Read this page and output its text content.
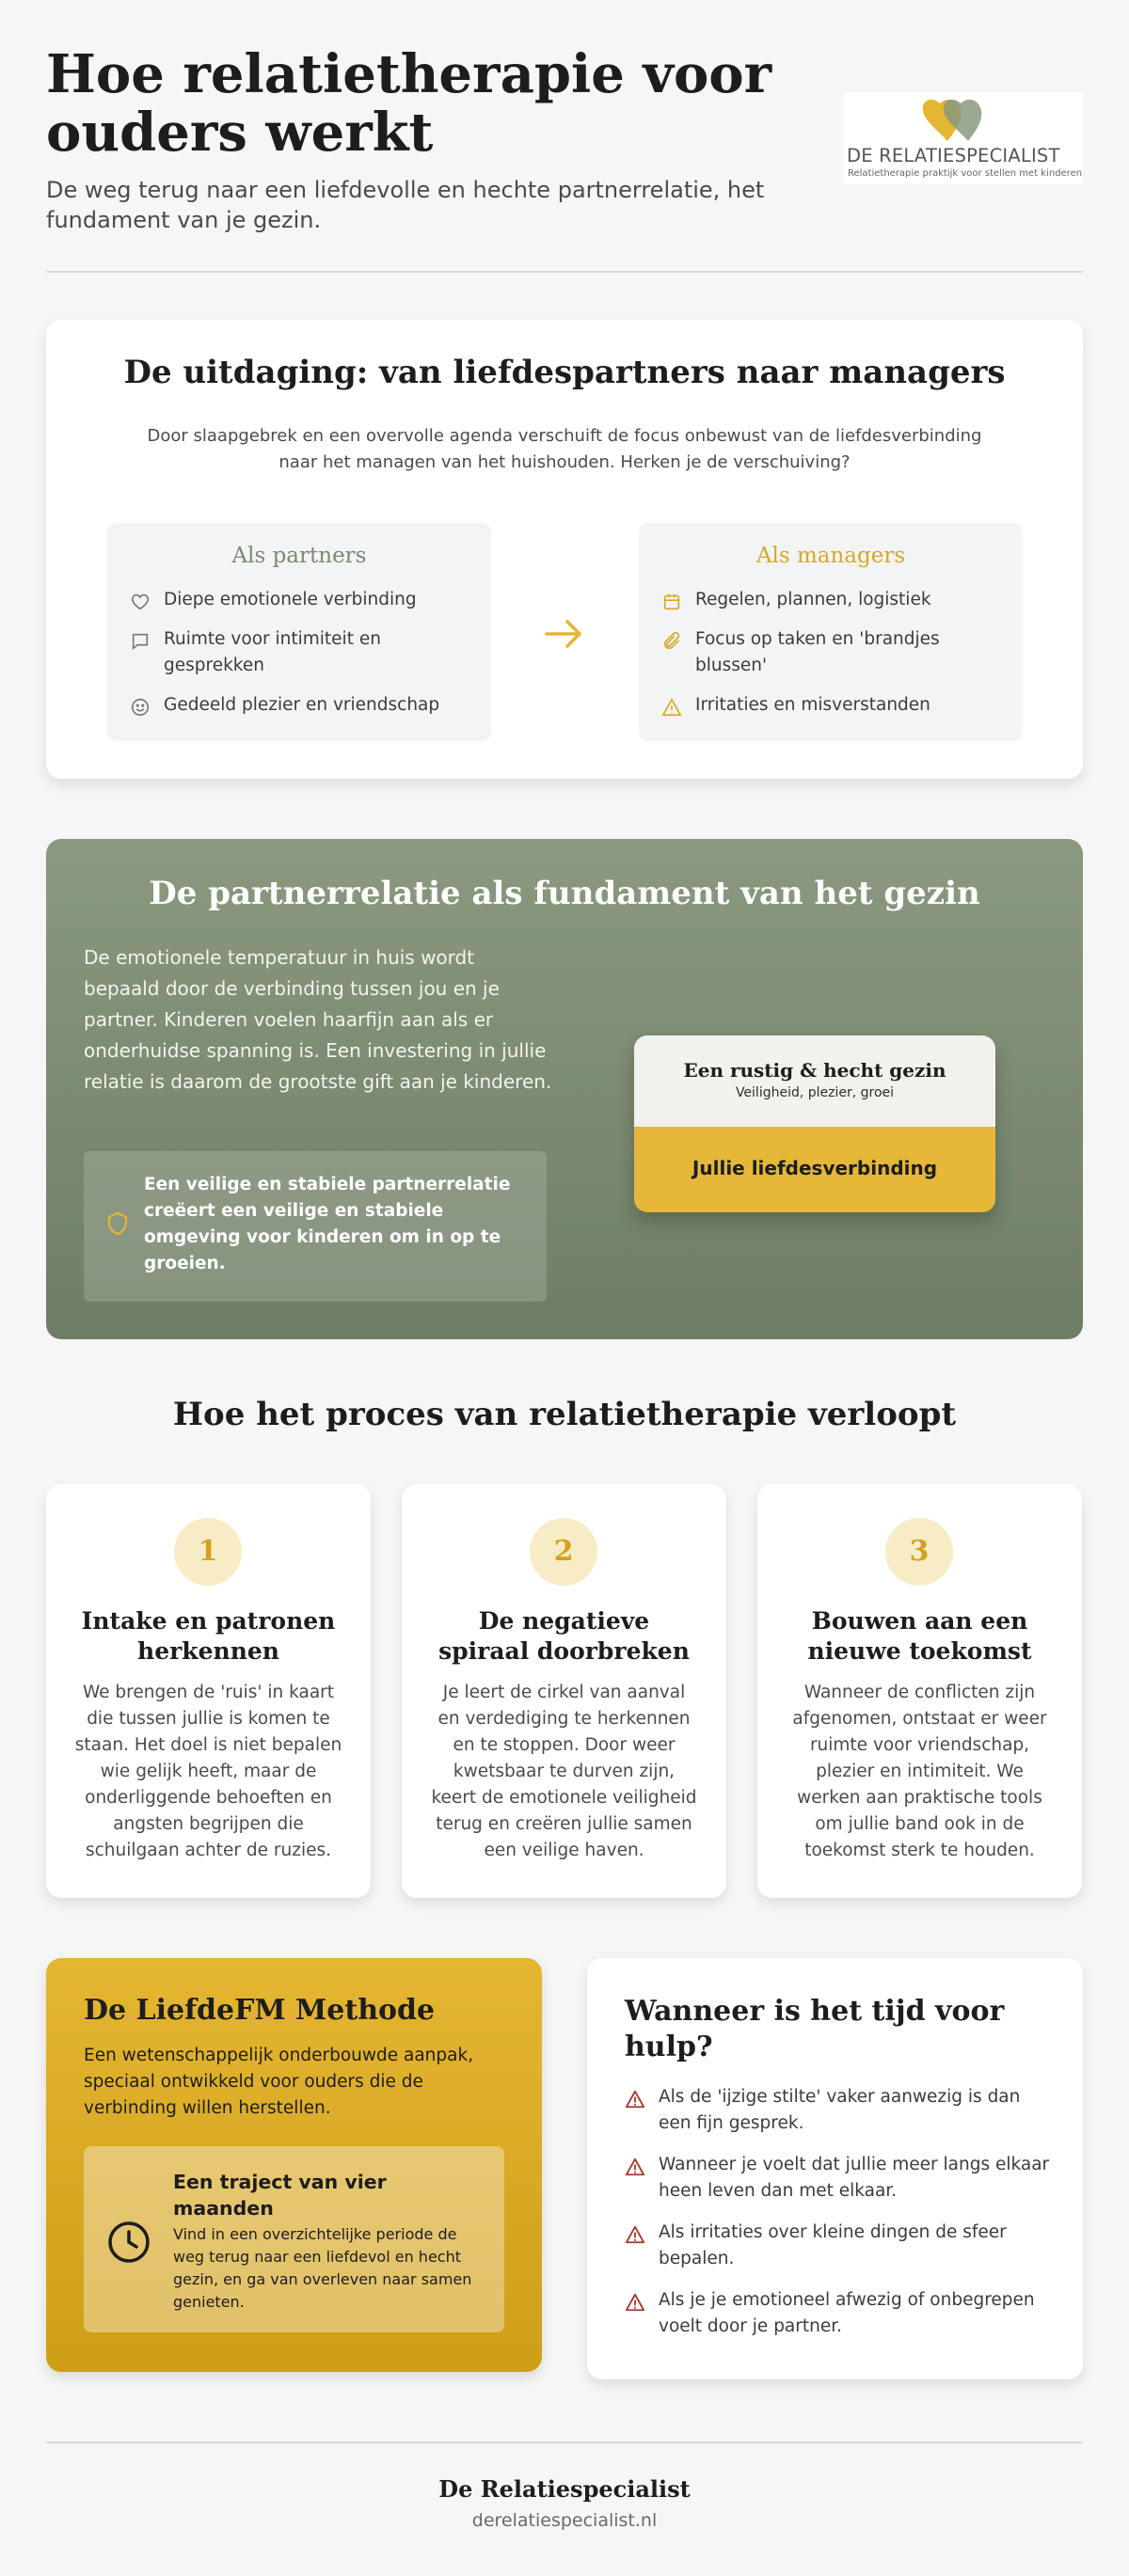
Hoe relatietherapie voor ouders werkt

De weg terug naar een liefdevolle en hechte partnerrelatie, het fundament van je gezin.

DE RELATIESPECIALIST
Relatietherapie praktijk voor stellen met kinderen
De uitdaging: van liefdespartners naar managers

Door slaapgebrek en een overvolle agenda verschuift de focus onbewust van de liefdesverbinding naar het managen van het huishouden. Herken je de verschuiving?

Als partners
Diepe emotionele verbinding
Ruimte voor intimiteit en gesprekken
Gedeeld plezier en vriendschap
Als managers
Regelen, plannen, logistiek
Focus op taken en 'brandjes blussen'
Irritaties en misverstanden
De partnerrelatie als fundament van het gezin

De emotionele temperatuur in huis wordt bepaald door de verbinding tussen jou en je partner. Kinderen voelen haarfijn aan als er onderhuidse spanning is. Een investering in jullie relatie is daarom de grootste gift aan je kinderen.

Een veilige en stabiele partnerrelatie creëert een veilige en stabiele omgeving voor kinderen om in op te groeien.
Een rustig & hecht gezin
Veiligheid, plezier, groei
Jullie liefdesverbinding
Hoe het proces van relatietherapie verloopt
1
Intake en patronen herkennen

We brengen de 'ruis' in kaart die tussen jullie is komen te staan. Het doel is niet bepalen wie gelijk heeft, maar de onderliggende behoeften en angsten begrijpen die schuilgaan achter de ruzies.

2
De negatieve spiraal doorbreken

Je leert de cirkel van aanval en verdediging te herkennen en te stoppen. Door weer kwetsbaar te durven zijn, keert de emotionele veiligheid terug en creëren jullie samen een veilige haven.

3
Bouwen aan een nieuwe toekomst

Wanneer de conflicten zijn afgenomen, ontstaat er weer ruimte voor vriendschap, plezier en intimiteit. We werken aan praktische tools om jullie band ook in de toekomst sterk te houden.

De LiefdeFM Methode

Een wetenschappelijk onderbouwde aanpak, speciaal ontwikkeld voor ouders die de verbinding willen herstellen.

Een traject van vier maanden
Vind in een overzichtelijke periode de weg terug naar een liefdevol en hecht gezin, en ga van overleven naar samen genieten.
Wanneer is het tijd voor hulp?
Als de 'ijzige stilte' vaker aanwezig is dan een fijn gesprek.
Wanneer je voelt dat jullie meer langs elkaar heen leven dan met elkaar.
Als irritaties over kleine dingen de sfeer bepalen.
Als je je emotioneel afwezig of onbegrepen voelt door je partner.
De Relatiespecialist
derelatiespecialist.nl
